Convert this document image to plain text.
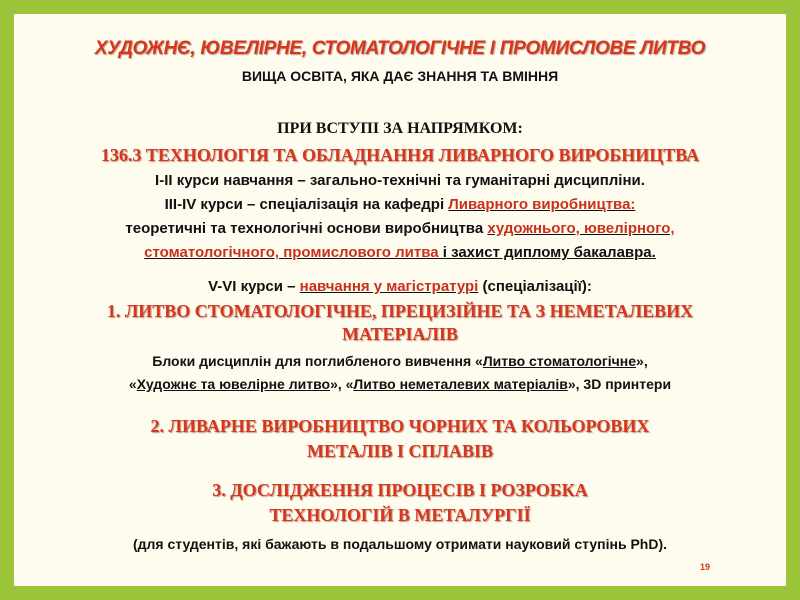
ХУДОЖНЄ, ЮВЕЛІРНЕ, СТОМАТОЛОГІЧНЕ І ПРОМИСЛОВЕ ЛИТВО
ВИЩА ОСВІТА, ЯКА ДАЄ ЗНАННЯ ТА ВМІННЯ
ПРИ ВСТУПІ ЗА НАПРЯМКОМ:
136.3 ТЕХНОЛОГІЯ ТА ОБЛАДНАННЯ ЛИВАРНОГО ВИРОБНИЦТВА
І-ІІ курси навчання – загально-технічні та гуманітарні дисципліни.
ІІІ-ІV курси – спеціалізація на кафедрі Ливарного виробництва:
теоретичні та технологічні основи виробництва художнього, ювелірного,
стоматологічного, промислового литва і захист диплому бакалавра.
V-VІ курси – навчання у магістратурі (спеціалізації):
1. ЛИТВО СТОМАТОЛОГІЧНЕ, ПРЕЦИЗІЙНЕ ТА З НЕМЕТАЛЕВИХ
МАТЕРІАЛІВ
Блоки дисциплін для поглибленого вивчення «Литво стоматологічне»,
«Художнє та ювелірне литво», «Литво неметалевих матеріалів», 3D принтери
2. ЛИВАРНЕ ВИРОБНИЦТВО ЧОРНИХ ТА КОЛЬОРОВИХ
МЕТАЛІВ І СПЛАВІВ
3. ДОСЛІДЖЕННЯ ПРОЦЕСІВ І РОЗРОБКА
ТЕХНОЛОГІЙ В МЕТАЛУРГІЇ
(для студентів, які бажають в подальшому отримати науковий ступінь PhD).
19
